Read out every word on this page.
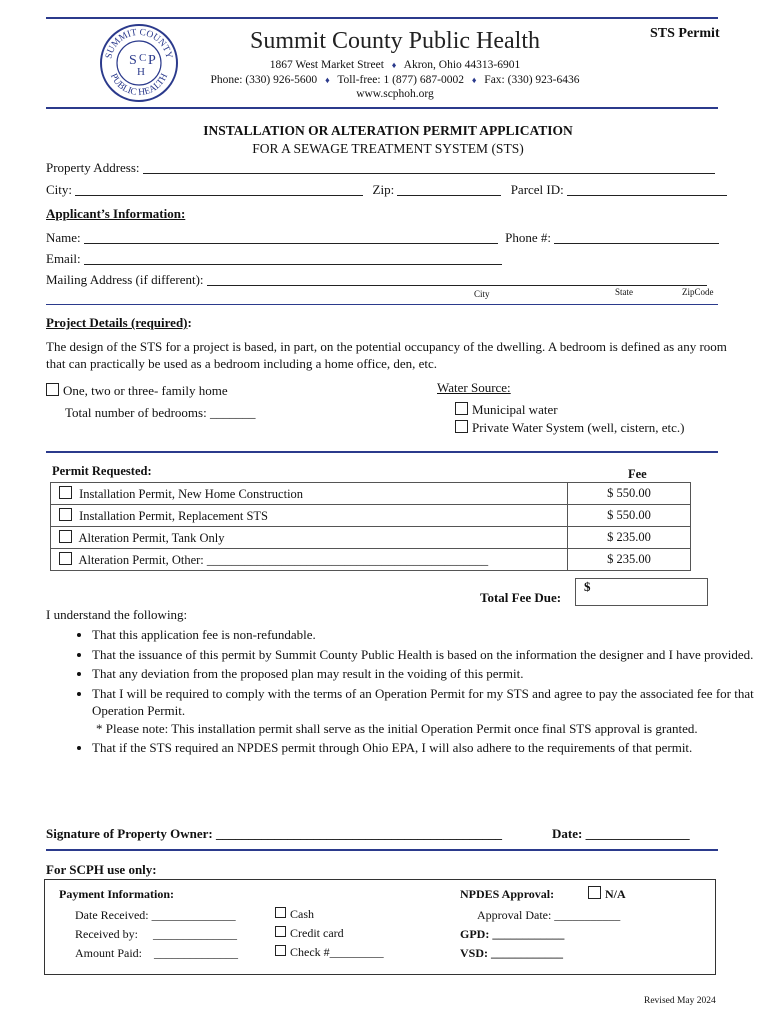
SUMMIT COUNTY
PUBLIC HEALTH
S C P
H
Summit County Public Health	STS Permit
1867 West Market Street ♦ Akron, Ohio 44313-6901
Phone: (330) 926-5600 ♦ Toll-free: 1 (877) 687-0002 ♦ Fax: (330) 923-6436
www.scphoh.org
INSTALLATION OR ALTERATION PERMIT APPLICATION
FOR A SEWAGE TREATMENT SYSTEM (STS)
Property Address:
City:	Zip:	Parcel ID:
Applicant’s Information:
Name:	Phone #:
Email:
Mailing Address (if different):
City	State	ZipCode
Project Details (required):
The design of the STS for a project is based, in part, on the potential occupancy of the dwelling. A bedroom is defined as any room that can practically be used as a bedroom including a home office, den, etc.
One, two or three- family home
Total number of bedrooms: _______
Water Source:
Municipal water
Private Water System (well, cistern, etc.)
Permit Requested:	Fee
Installation Permit, New Home Construction	$ 550.00
Installation Permit, Replacement STS	$ 550.00
Alteration Permit, Tank Only	$ 235.00
Alteration Permit, Other: _____________________________________________	$ 235.00
Total Fee Due:
$
I understand the following:
• That this application fee is non-refundable.
• That the issuance of this permit by Summit County Public Health is based on the information the designer and I have provided.
• That any deviation from the proposed plan may result in the voiding of this permit.
• That I will be required to comply with the terms of an Operation Permit for my STS and agree to pay the associated fee for that Operation Permit.
* Please note: This installation permit shall serve as the initial Operation Permit once final STS approval is granted.
• That if the STS required an NPDES permit through Ohio EPA, I will also adhere to the requirements of that permit.
Signature of Property Owner: ____________________________________________	Date: ________________
For SCPH use only:
Payment Information:
Date Received: ______________
Received by:     ______________
Amount Paid:    ______________
Cash
Credit card
Check #_________
NPDES Approval:	N/A
Approval Date: ___________
GPD: ____________
VSD: ____________
Revised May 2024
